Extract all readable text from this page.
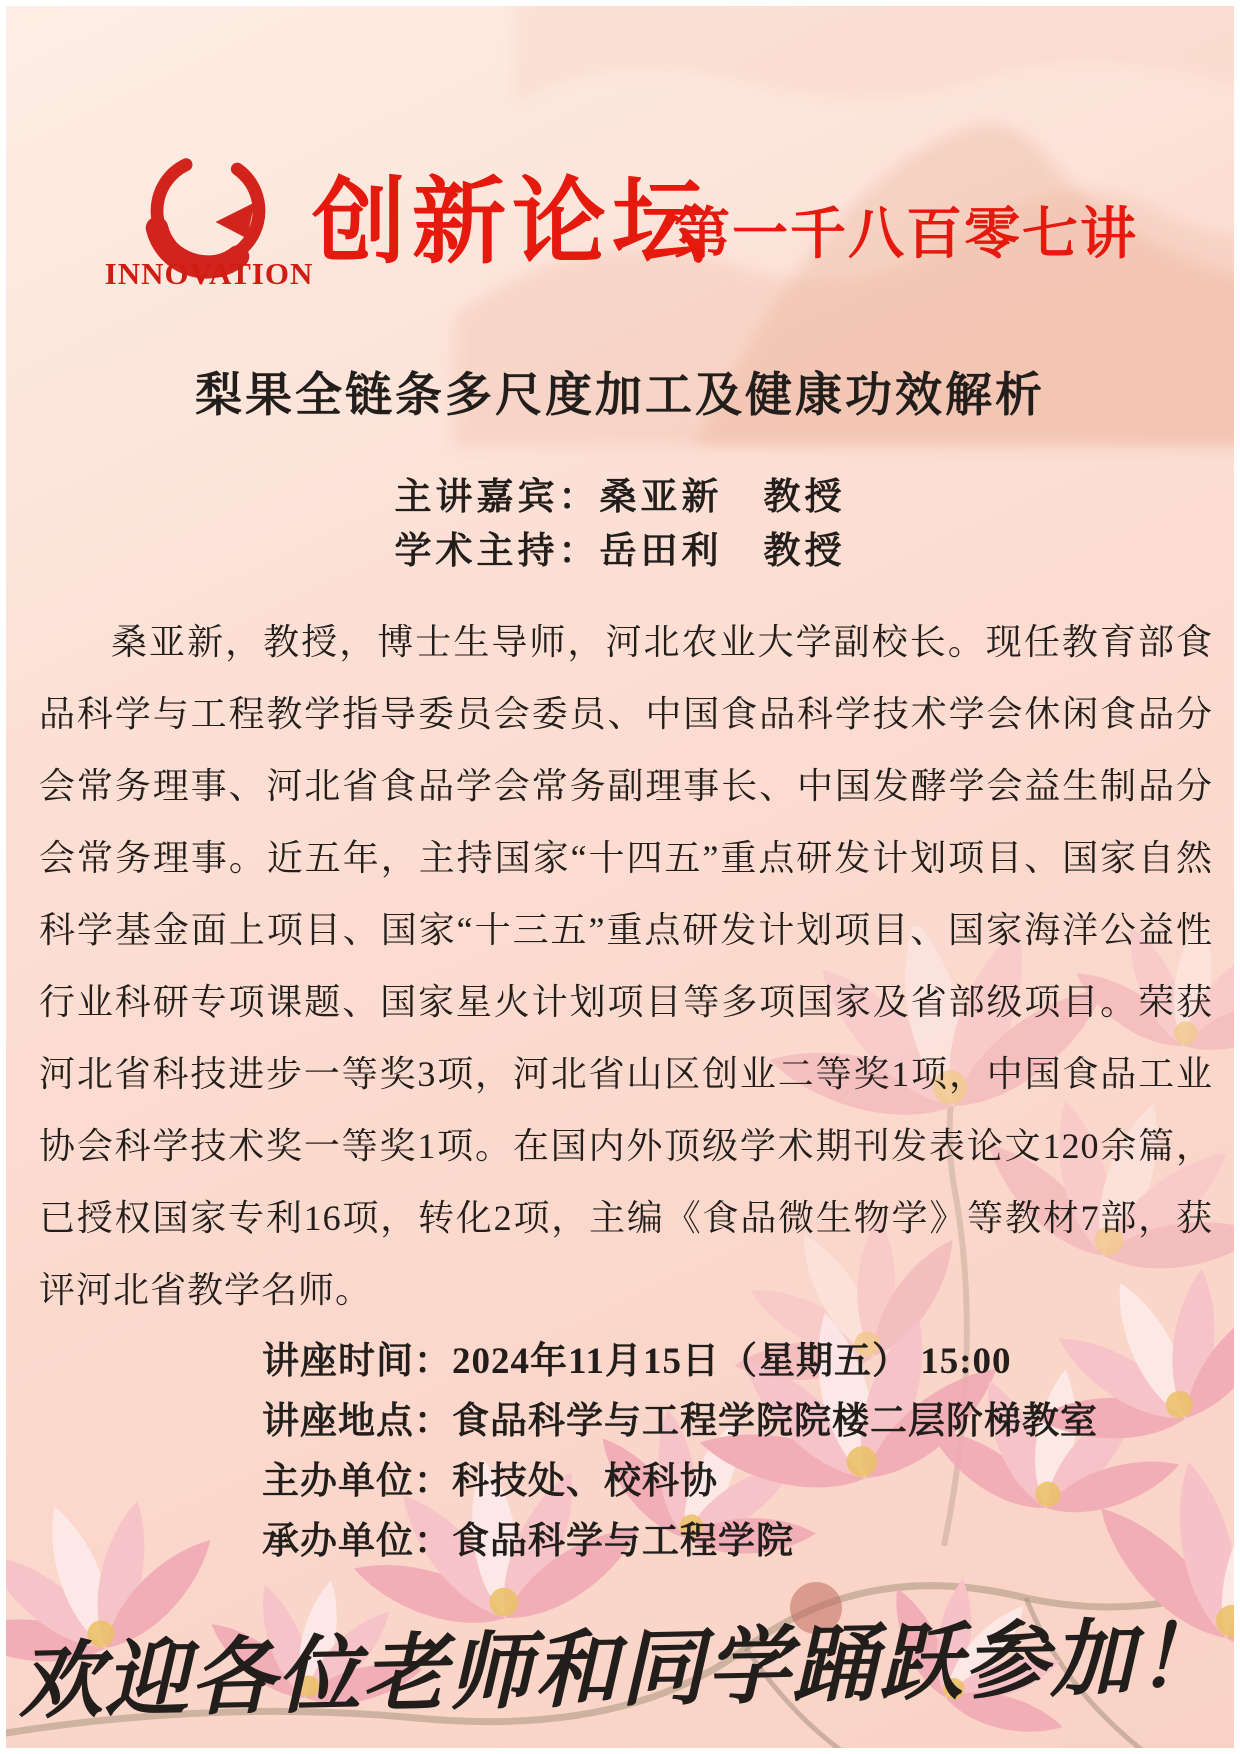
INNOVATION
创新论坛
第一千八百零七讲
梨果全链条多尺度加工及健康功效解析
主讲嘉宾：桑亚新　教授
学术主持：岳田利　教授

桑亚新，教授，博士生导师，河北农业大学副校长。现任教育部食品科学与工程教学指导委员会委员、中国食品科学技术学会休闲食品分会常务理事、河北省食品学会常务副理事长、中国发酵学会益生制品分会常务理事。近五年，主持国家“十四五”重点研发计划项目、国家自然科学基金面上项目、国家“十三五”重点研发计划项目、国家海洋公益性行业科研专项课题、国家星火计划项目等多项国家及省部级项目。荣获河北省科技进步一等奖3项，河北省山区创业二等奖1项，中国食品工业协会科学技术奖一等奖1项。在国内外顶级学术期刊发表论文120余篇，已授权国家专利16项，转化2项，主编《食品微生物学》等教材7部，获评河北省教学名师。

讲座时间：2024年11月15日（星期五） 15:00
讲座地点：食品科学与工程学院院楼二层阶梯教室
主办单位：科技处、校科协
承办单位：食品科学与工程学院
欢迎各位老师和同学踊跃参加！
